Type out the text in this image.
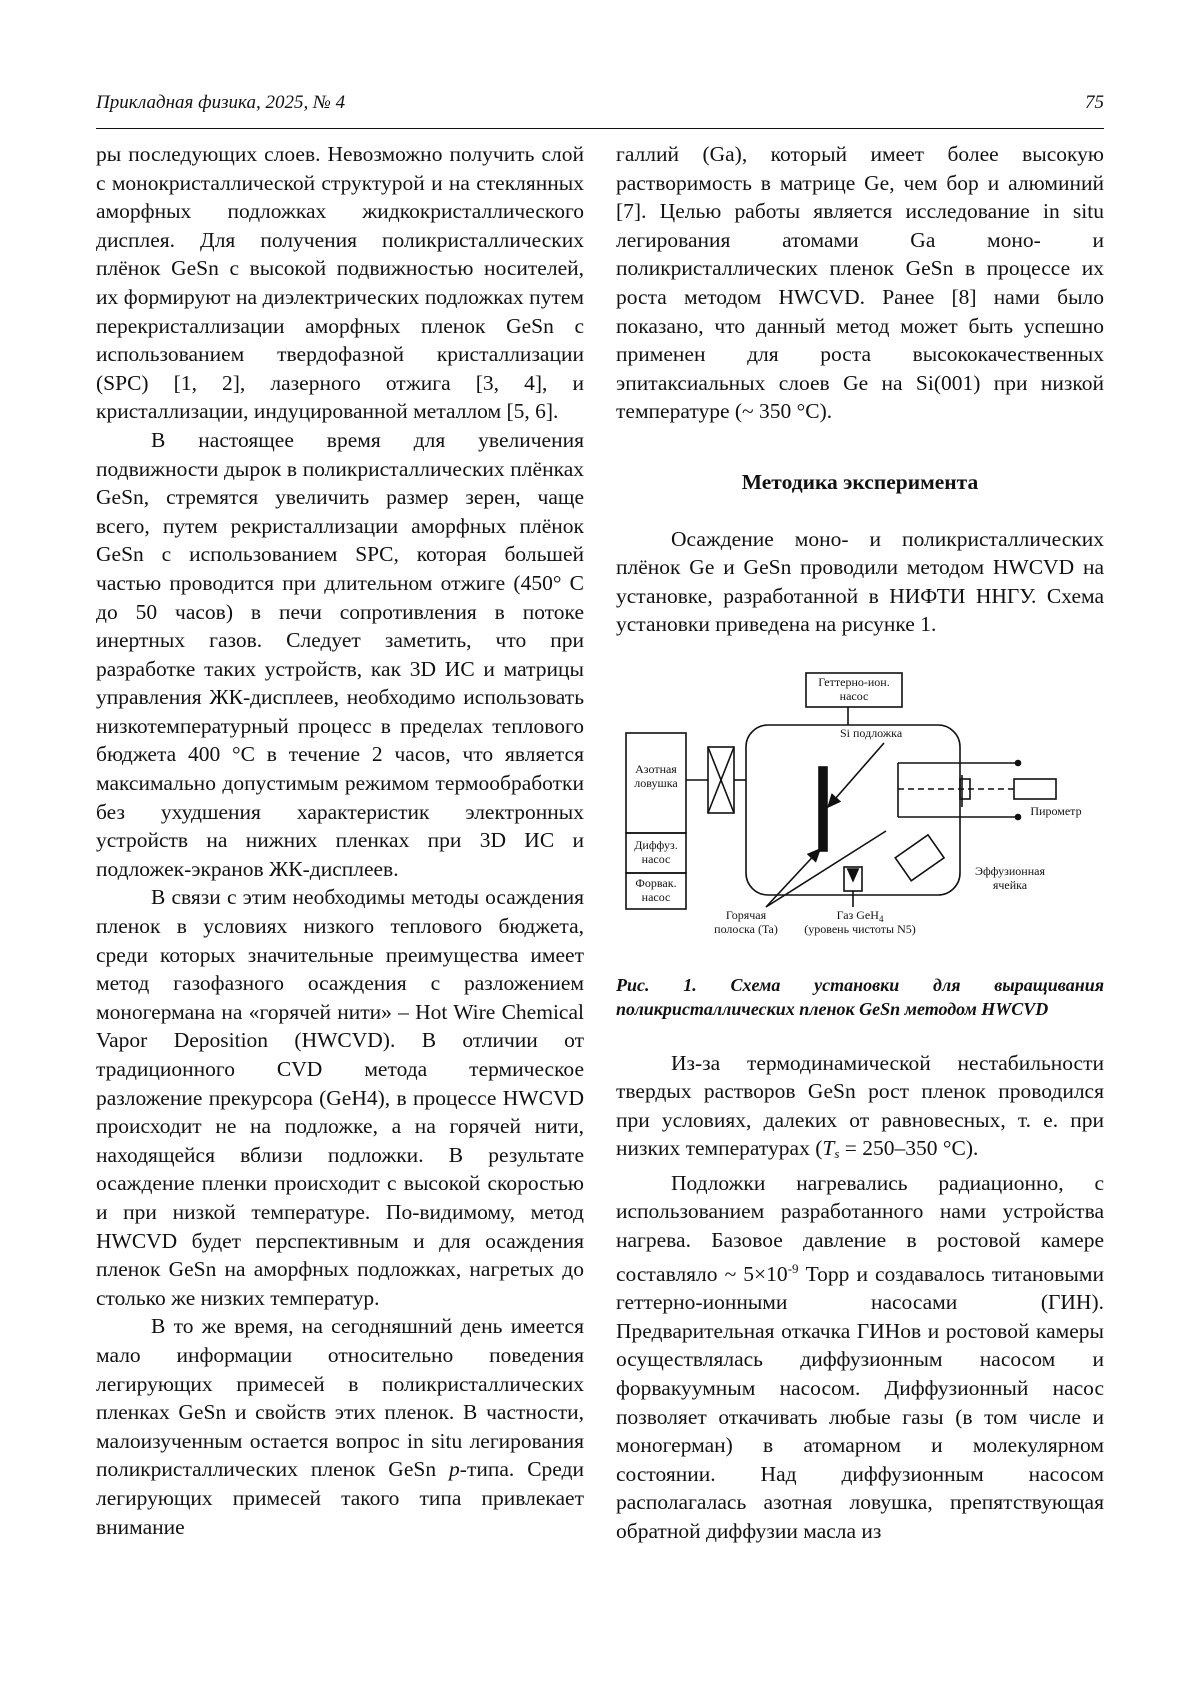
Прикладная физика, 2025, № 4	75

ры последующих слоев. Невозможно получить слой с монокристаллической структурой и на стеклянных аморфных подложках жидкокристаллического дисплея. Для получения поликристаллических плёнок GeSn с высокой подвижностью носителей, их формируют на диэлектрических подложках путем перекристаллизации аморфных пленок GeSn с использованием твердофазной кристаллизации (SPC) [1, 2], лазерного отжига [3, 4], и кристаллизации, индуцированной металлом [5, 6].

В настоящее время для увеличения подвижности дырок в поликристаллических плёнках GeSn, стремятся увеличить размер зерен, чаще всего, путем рекристаллизации аморфных плёнок GeSn с использованием SPC, которая большей частью проводится при длительном отжиге (450° С до 50 часов) в печи сопротивления в потоке инертных газов. Следует заметить, что при разработке таких устройств, как 3D ИС и матрицы управления ЖК-дисплеев, необходимо использовать низкотемпературный процесс в пределах теплового бюджета 400 °C в течение 2 часов, что является максимально допустимым режимом термообработки без ухудшения характеристик электронных устройств на нижних пленках при 3D ИС и подложек-экранов ЖК-дисплеев.

В связи с этим необходимы методы осаждения пленок в условиях низкого теплового бюджета, среди которых значительные преимущества имеет метод газофазного осаждения с разложением моногермана на «горячей нити» – Hot Wire Chemical Vapor Deposition (HWCVD). В отличии от традиционного CVD метода термическое разложение прекурсора (GeH4), в процессе HWCVD происходит не на подложке, а на горячей нити, находящейся вблизи подложки. В результате осаждение пленки происходит с высокой скоростью и при низкой температуре. По-видимому, метод HWCVD будет перспективным и для осаждения пленок GeSn на аморфных подложках, нагретых до столько же низких температур.

В то же время, на сегодняшний день имеется мало информации относительно поведения легирующих примесей в поликристаллических пленках GeSn и свойств этих пленок. В частности, малоизученным остается вопрос in situ легирования поликристаллических пленок GeSn p-типа. Среди легирующих примесей такого типа привлекает внимание

галлий (Ga), который имеет более высокую растворимость в матрице Ge, чем бор и алюминий [7]. Целью работы является исследование in situ легирования атомами Ga моно- и поликристаллических пленок GeSn в процессе их роста методом HWCVD. Ранее [8] нами было показано, что данный метод может быть успешно применен для роста высококачественных эпитаксиальных слоев Ge на Si(001) при низкой температуре (~ 350 °C).

Методика эксперимента

Осаждение моно- и поликристаллических плёнок Ge и GeSn проводили методом HWCVD на установке, разработанной в НИФТИ ННГУ. Схема установки приведена на рисунке 1.

Геттерно-ион.
насос
Si подложка
Азотная
ловушка
Диффуз.
насос
Форвак.
насос
Пирометр
Эффузионная
ячейка
Горячая
полоска (Ta)
Газ GeH$_4$
(уровень чистоты N5)

Рис. 1. Схема установки для выращивания поликристаллических пленок GeSn методом HWCVD

Из-за термодинамической нестабильности твердых растворов GeSn рост пленок проводился при условиях, далеких от равновесных, т. е. при низких температурах ($T_s = 250-350$ °C).

Подложки нагревались радиационно, с использованием разработанного нами устройства нагрева. Базовое давление в ростовой камере составляло ~ $5\times 10^{-9}$ Торр и создавалось титановыми геттерно-ионными насосами (ГИН). Предварительная откачка ГИНов и ростовой камеры осуществлялась диффузионным насосом и форвакуумным насосом. Диффузионный насос позволяет откачивать любые газы (в том числе и моногерман) в атомарном и молекулярном состоянии. Над диффузионным насосом располагалась азотная ловушка, препятствующая обратной диффузии масла из
